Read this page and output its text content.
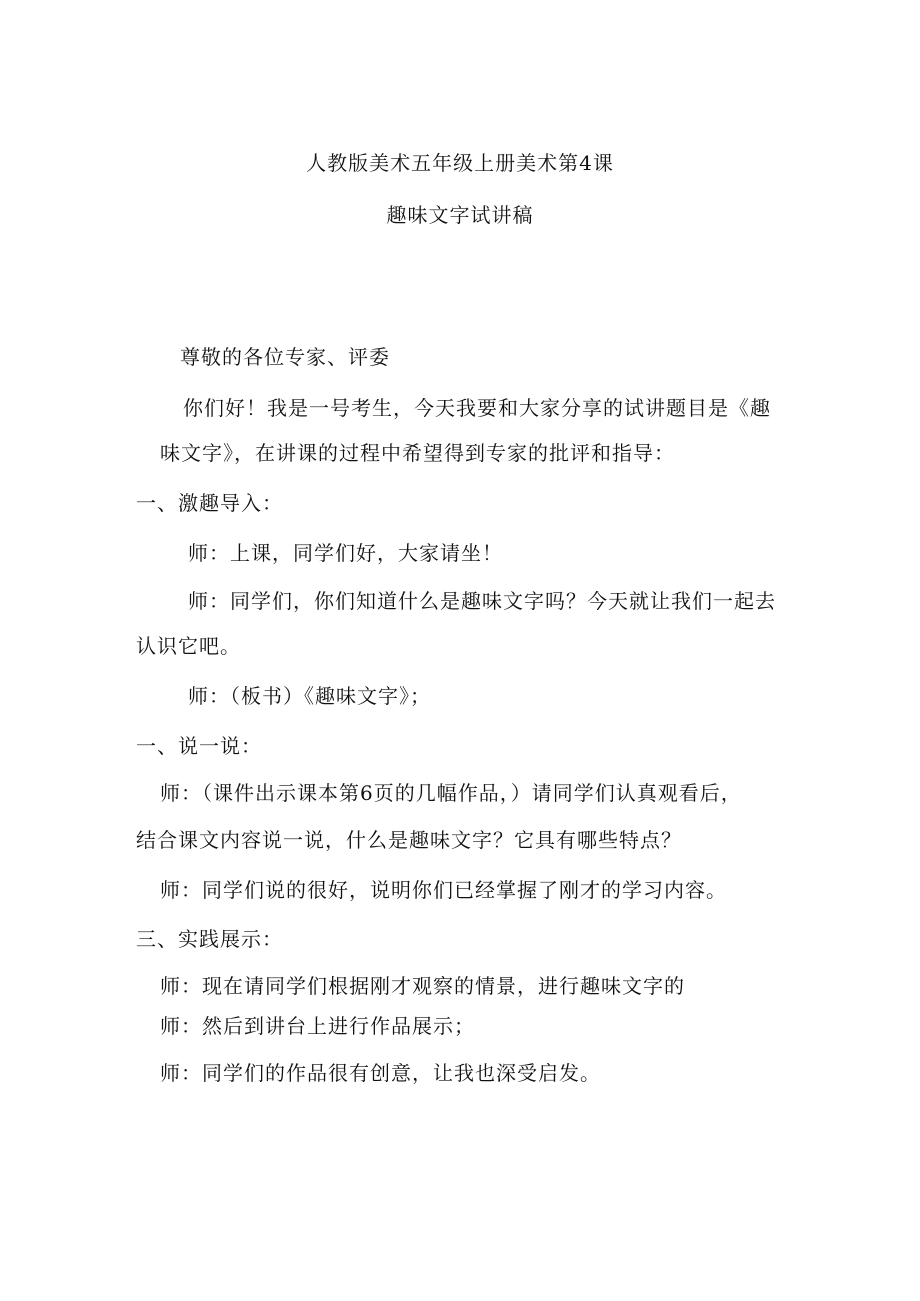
人教版美术五年级上册美术第4课
趣味文字试讲稿
尊敬的各位专家、评委
你们好！我是一号考生，今天我要和大家分享的试讲题目是《趣
味文字》，在讲课的过程中希望得到专家的批评和指导：
一、激趣导入：
师：上课，同学们好，大家请坐！
师：同学们，你们知道什么是趣味文字吗？今天就让我们一起去
认识它吧。
师：（板书）《趣味文字》；
一、说一说：
师：（课件出示课本第6页的几幅作品，）请同学们认真观看后，
结合课文内容说一说，什么是趣味文字？它具有哪些特点？
师：同学们说的很好，说明你们已经掌握了刚才的学习内容。
三、实践展示：
师：现在请同学们根据刚才观察的情景，进行趣味文字的
师：然后到讲台上进行作品展示；
师：同学们的作品很有创意，让我也深受启发。
